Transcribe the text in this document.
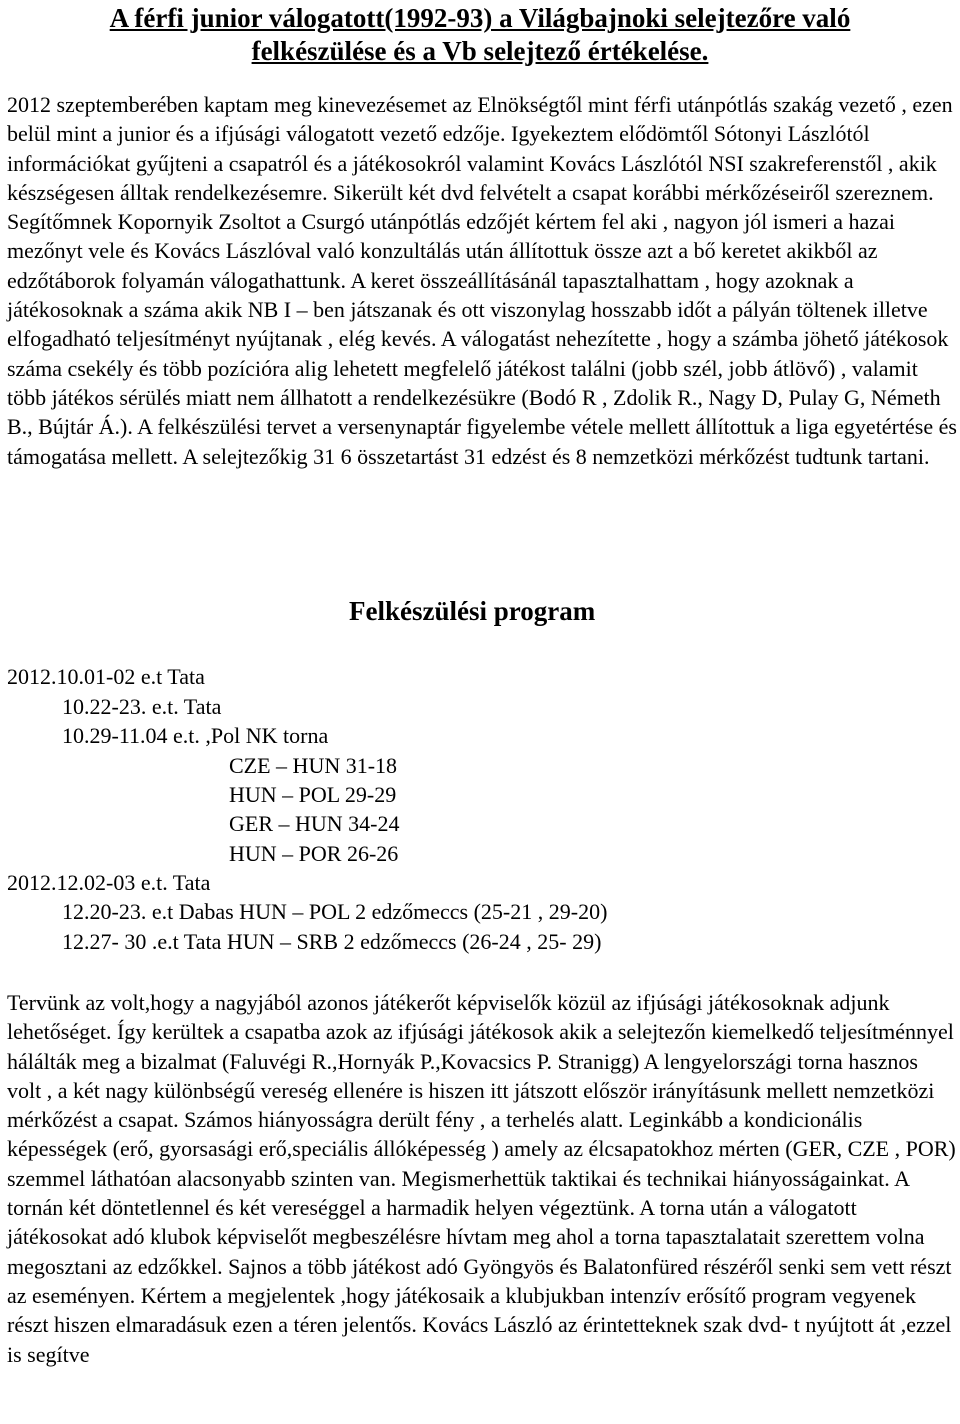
A férfi junior válogatott(1992-93) a Világbajnoki selejtezőre való
felkészülése és a Vb selejtező értékelése.

2012 szeptemberében kaptam meg kinevezésemet az Elnökségtől mint férfi utánpótlás szakág vezető , ezen belül mint a junior és a ifjúsági válogatott vezető edzője. Igyekeztem elődömtől Sótonyi Lászlótól információkat gyűjteni a csapatról és a játékosokról valamint Kovács Lászlótól NSI szakreferenstől , akik készségesen álltak rendelkezésemre. Sikerült két dvd felvételt a csapat korábbi mérkőzéseiről szereznem. Segítőmnek Kopornyik Zsoltot a Csurgó utánpótlás edzőjét kértem fel aki , nagyon jól ismeri a hazai mezőnyt vele és Kovács Lászlóval való konzultálás után állítottuk össze azt a bő keretet akikből az edzőtáborok folyamán válogathattunk. A keret összeállításánál tapasztalhattam , hogy azoknak a játékosoknak a száma akik NB I – ben játszanak és ott viszonylag hosszabb időt a pályán töltenek illetve elfogadható teljesítményt nyújtanak , elég kevés. A válogatást nehezítette , hogy a számba jöhető játékosok száma csekély és több pozícióra alig lehetett megfelelő játékost találni (jobb szél, jobb átlövő) , valamit több játékos sérülés miatt nem állhatott a rendelkezésükre (Bodó R , Zdolik R., Nagy D, Pulay G, Németh B., Bújtár Á.). A felkészülési tervet a versenynaptár figyelembe vétele mellett állítottuk a liga egyetértése és támogatása mellett. A selejtezőkig 31 6 összetartást 31 edzést és 8 nemzetközi mérkőzést tudtunk tartani.

Felkészülési program
2012.10.01-02 e.t Tata
10.22-23. e.t. Tata
10.29-11.04 e.t. ,Pol NK torna
CZE – HUN 31-18
HUN – POL 29-29
GER – HUN 34-24
HUN – POR 26-26
2012.12.02-03 e.t. Tata
12.20-23. e.t Dabas HUN – POL 2 edzőmeccs (25-21 , 29-20)
12.27- 30 .e.t Tata HUN – SRB 2 edzőmeccs (26-24 , 25- 29)

Tervünk az volt,hogy a nagyjából azonos játékerőt képviselők közül az ifjúsági játékosoknak adjunk lehetőséget. Így kerültek a csapatba azok az ifjúsági játékosok akik a selejtezőn kiemelkedő teljesítménnyel hálálták meg a bizalmat (Faluvégi R.,Hornyák P.,Kovacsics P. Stranigg) A lengyelországi torna hasznos volt , a két nagy különbségű vereség ellenére is hiszen itt játszott először irányításunk mellett nemzetközi mérkőzést a csapat. Számos hiányosságra derült fény , a terhelés alatt. Leginkább a kondicionális képességek (erő, gyorsasági erő,speciális állóképesség ) amely az élcsapatokhoz mérten (GER, CZE , POR) szemmel láthatóan alacsonyabb szinten van. Megismerhettük taktikai és technikai hiányosságainkat. A tornán két döntetlennel és két vereséggel a harmadik helyen végeztünk. A torna után a válogatott játékosokat adó klubok képviselőt megbeszélésre hívtam meg ahol a torna tapasztalatait szerettem volna megosztani az edzőkkel. Sajnos a több játékost adó Gyöngyös és Balatonfüred részéről senki sem vett részt az eseményen. Kértem a megjelentek ,hogy játékosaik a klubjukban intenzív erősítő program vegyenek részt hiszen elmaradásuk ezen a téren jelentős. Kovács László az érintetteknek szak dvd- t nyújtott át ,ezzel is segítve
